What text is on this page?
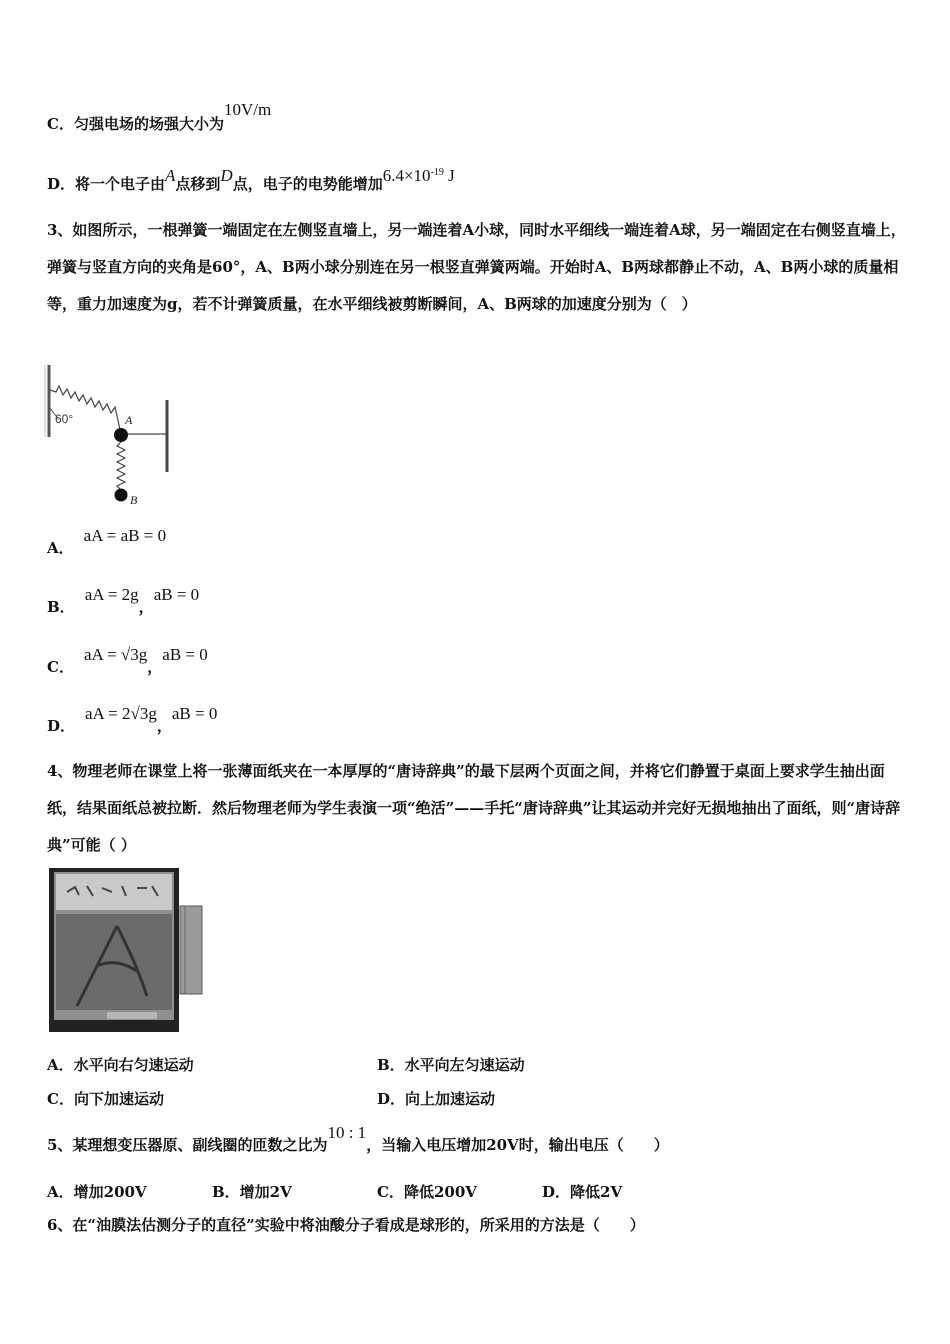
C．匀强电场的场强大小为10V/m
D．将一个电子由A点移到D点，电子的电势能增加$6.4\times 10^{-19}$ J
3、如图所示，一根弹簧一端固定在左侧竖直墙上，另一端连着A小球，同时水平细线一端连着A球，另一端固定在右侧竖直墙上，弹簧与竖直方向的夹角是60°，A、B两小球分别连在另一根竖直弹簧两端。开始时A、B两球都静止不动，A、B两小球的质量相等，重力加速度为g，若不计弹簧质量，在水平细线被剪断瞬间，A、B两球的加速度分别为（　）
60°	A
B
A．aA = aB = 0
B．aA = 2g，aB = 0
C．aA = √3g，aB = 0
D．aA = 2√3g，aB = 0
4、物理老师在课堂上将一张薄面纸夹在一本厚厚的“唐诗辞典”的最下层两个页面之间，并将它们静置于桌面上要求学生抽出面纸，结果面纸总被拉断．然后物理老师为学生表演一项“绝活”——手托“唐诗辞典”让其运动并完好无损地抽出了面纸，则“唐诗辞典”可能（ ）
A．水平向右匀速运动	B．水平向左匀速运动
C．向下加速运动	D．向上加速运动
5、某理想变压器原、副线圈的匝数之比为10 : 1，当输入电压增加20V时，输出电压（　　）
A．增加200V	B．增加2V	C．降低200V	D．降低2V
6、在“油膜法估测分子的直径”实验中将油酸分子看成是球形的，所采用的方法是（　　）
